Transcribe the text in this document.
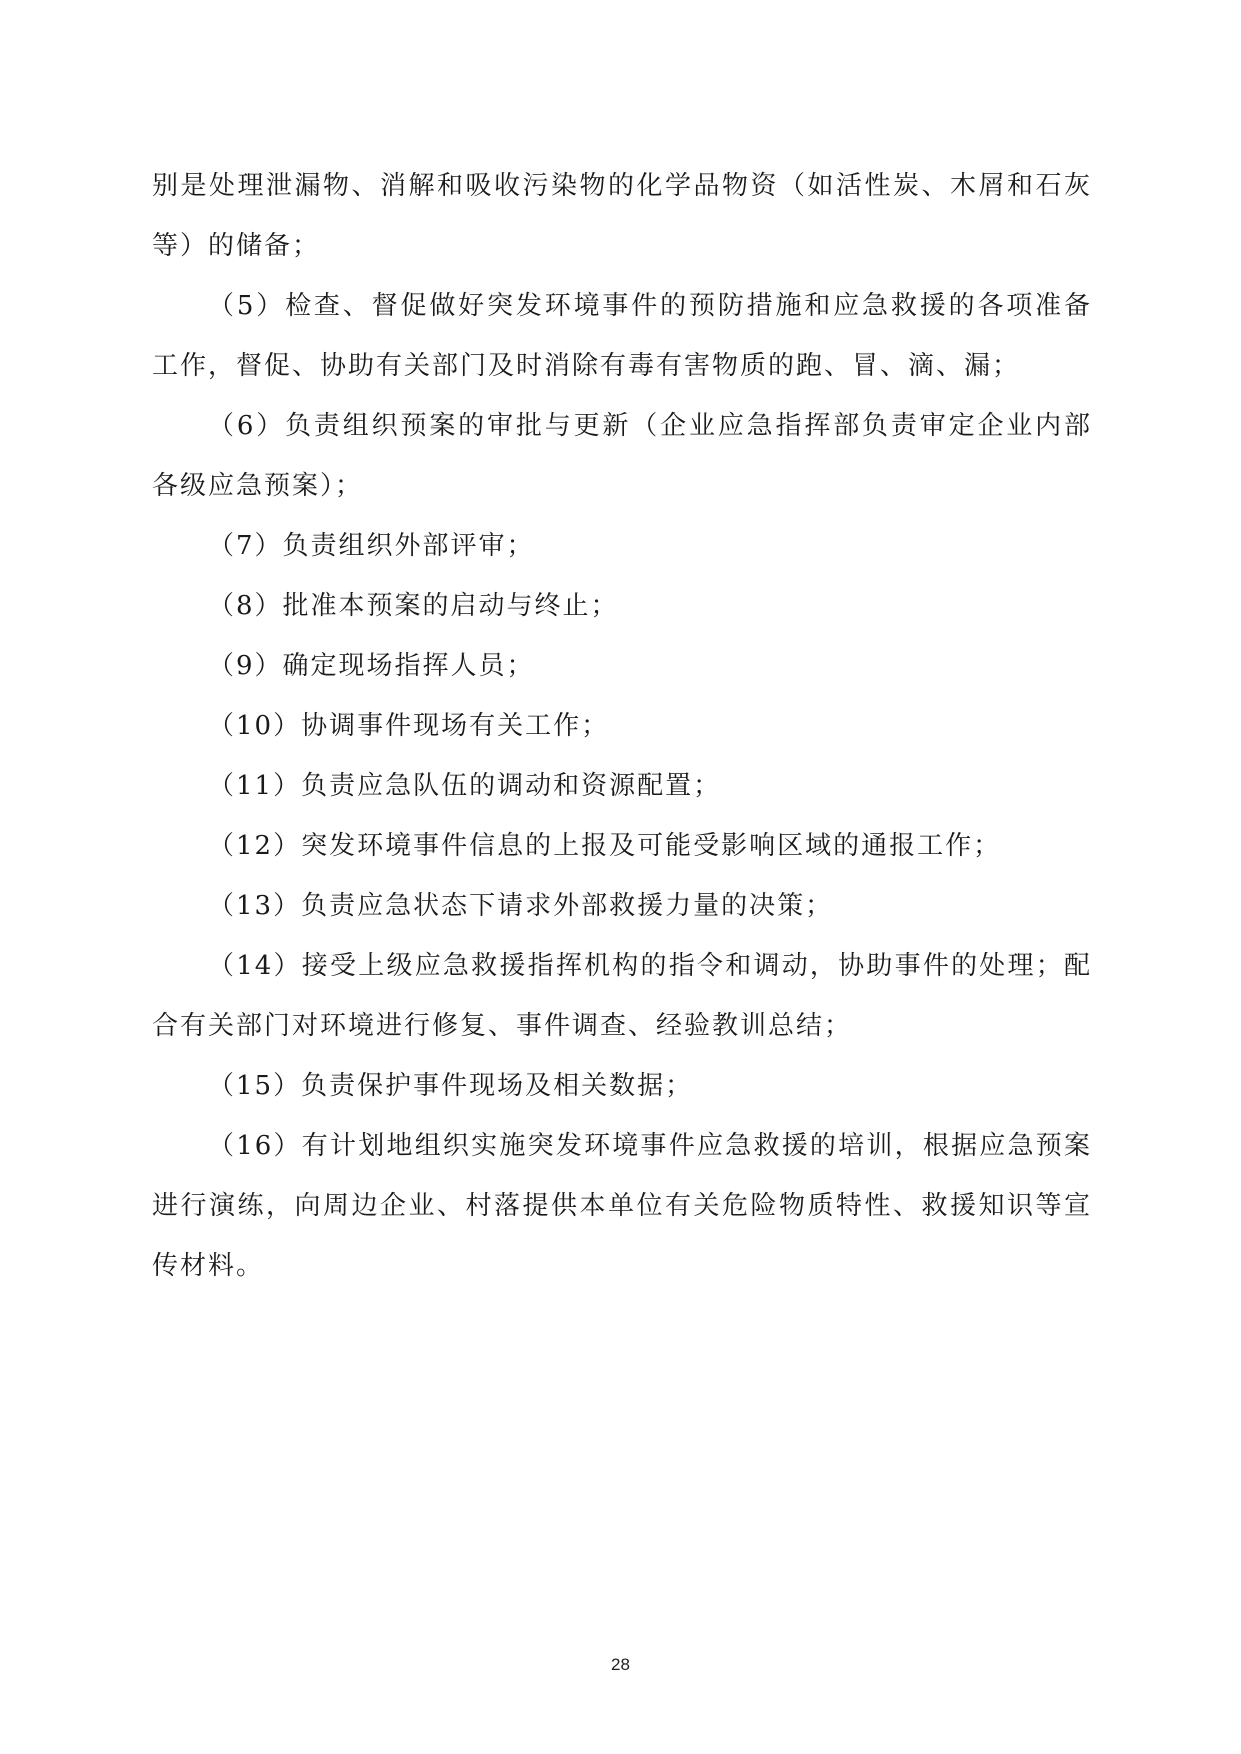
别是处理泄漏物、消解和吸收污染物的化学品物资（如活性炭、木屑和石灰等）的储备；

（5）检查、督促做好突发环境事件的预防措施和应急救援的各项准备工作，督促、协助有关部门及时消除有毒有害物质的跑、冒、滴、漏；

（6）负责组织预案的审批与更新（企业应急指挥部负责审定企业内部各级应急预案）；

（7）负责组织外部评审；

（8）批准本预案的启动与终止；

（9）确定现场指挥人员；

（10）协调事件现场有关工作；

（11）负责应急队伍的调动和资源配置；

（12）突发环境事件信息的上报及可能受影响区域的通报工作；

（13）负责应急状态下请求外部救援力量的决策；

（14）接受上级应急救援指挥机构的指令和调动，协助事件的处理；配合有关部门对环境进行修复、事件调查、经验教训总结；

（15）负责保护事件现场及相关数据；

（16）有计划地组织实施突发环境事件应急救援的培训，根据应急预案进行演练，向周边企业、村落提供本单位有关危险物质特性、救援知识等宣传材料。

28
